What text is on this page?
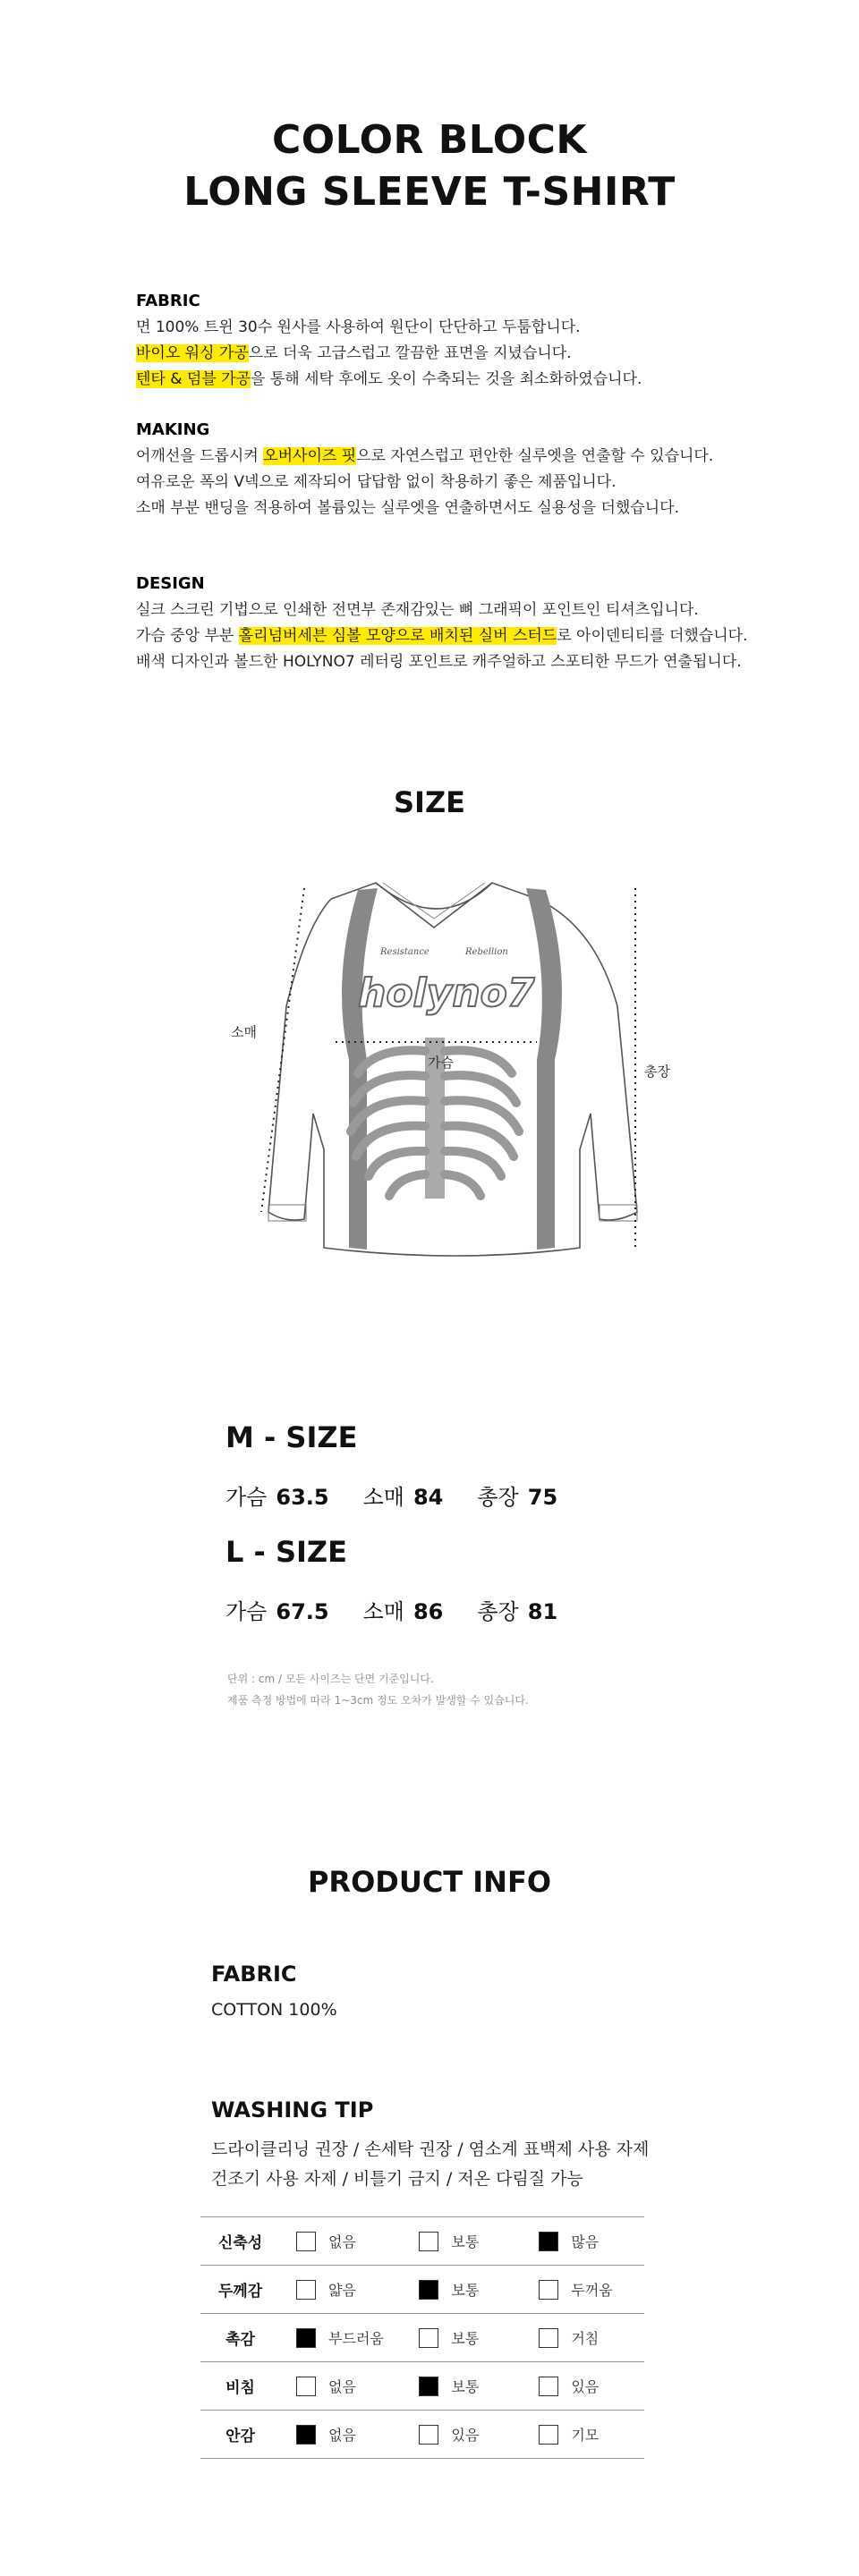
COLOR BLOCK
LONG SLEEVE T-SHIRT
FABRIC

면 100% 트윈 30수 원사를 사용하여 원단이 단단하고 두툼합니다.

바이오 워싱 가공으로 더욱 고급스럽고 깔끔한 표면을 지녔습니다.

텐타 & 덤블 가공을 통해 세탁 후에도 옷이 수축되는 것을 최소화하였습니다.

MAKING

어깨선을 드롭시켜 오버사이즈 핏으로 자연스럽고 편안한 실루엣을 연출할 수 있습니다.

여유로운 폭의 V넥으로 제작되어 답답함 없이 착용하기 좋은 제품입니다.

소매 부분 밴딩을 적용하여 볼륨있는 실루엣을 연출하면서도 실용성을 더했습니다.

DESIGN

실크 스크린 기법으로 인쇄한 전면부 존재감있는 뼈 그래픽이 포인트인 티셔츠입니다.

가슴 중앙 부분 홀리넘버세븐 심볼 모양으로 배치된 실버 스터드로 아이덴티티를 더했습니다.

배색 디자인과 볼드한 HOLYNO7 레터링 포인트로 캐주얼하고 스포티한 무드가 연출됩니다.

SIZE
Resistance	Rebellion
holyno7
소매
가슴
총장
M - SIZE
가슴 63.5 소매 84 총장 75
L - SIZE
가슴 67.5 소매 86 총장 81
단위 : cm / 모든 사이즈는 단면 기준입니다.
제품 측정 방법에 따라 1~3cm 정도 오차가 발생할 수 있습니다.
PRODUCT INFO
FABRIC
COTTON 100%
WASHING TIP
드라이클리닝 권장 / 손세탁 권장 / 염소계 표백제 사용 자제
건조기 사용 자제 / 비틀기 금지 / 저온 다림질 가능
신축성	없음	보통	많음
두께감	얇음	보통	두꺼움
촉감	부드러움	보통	거침
비침	없음	보통	있음
안감	없음	있음	기모
